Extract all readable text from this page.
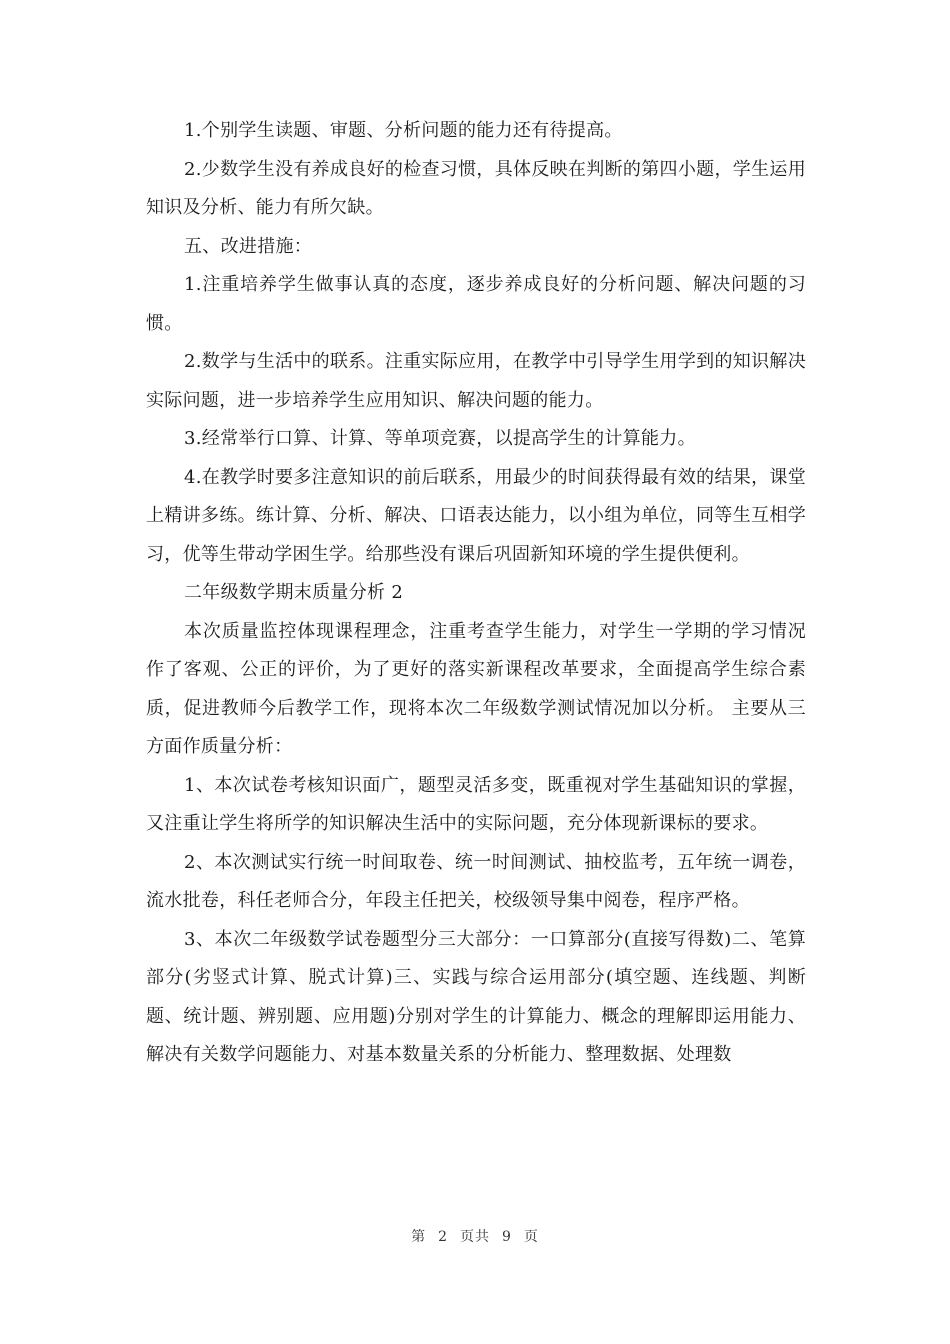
1.个别学生读题、审题、分析问题的能力还有待提高。

2.少数学生没有养成良好的检查习惯，具体反映在判断的第四小题，学生运用知识及分析、能力有所欠缺。

五、改进措施：

1.注重培养学生做事认真的态度，逐步养成良好的分析问题、解决问题的习惯。

2.数学与生活中的联系。注重实际应用，在教学中引导学生用学到的知识解决实际问题，进一步培养学生应用知识、解决问题的能力。

3.经常举行口算、计算、等单项竞赛，以提高学生的计算能力。

4.在教学时要多注意知识的前后联系，用最少的时间获得最有效的结果，课堂上精讲多练。练计算、分析、解决、口语表达能力，以小组为单位，同等生互相学习，优等生带动学困生学。给那些没有课后巩固新知环境的学生提供便利。

二年级数学期末质量分析 2

本次质量监控体现课程理念，注重考查学生能力，对学生一学期的学习情况作了客观、公正的评价，为了更好的落实新课程改革要求，全面提高学生综合素质，促进教师今后教学工作，现将本次二年级数学测试情况加以分析。 主要从三方面作质量分析：

1、本次试卷考核知识面广，题型灵活多变，既重视对学生基础知识的掌握，又注重让学生将所学的知识解决生活中的实际问题，充分体现新课标的要求。

2、本次测试实行统一时间取卷、统一时间测试、抽校监考，五年统一调卷，流水批卷，科任老师合分，年段主任把关，校级领导集中阅卷，程序严格。

3、本次二年级数学试卷题型分三大部分：一口算部分(直接写得数)二、笔算部分(劣竖式计算、脱式计算)三、实践与综合运用部分(填空题、连线题、判断题、统计题、辨别题、应用题)分别对学生的计算能力、概念的理解即运用能力、解决有关数学问题能力、对基本数量关系的分析能力、整理数据、处理数

第 2 页共 9 页
